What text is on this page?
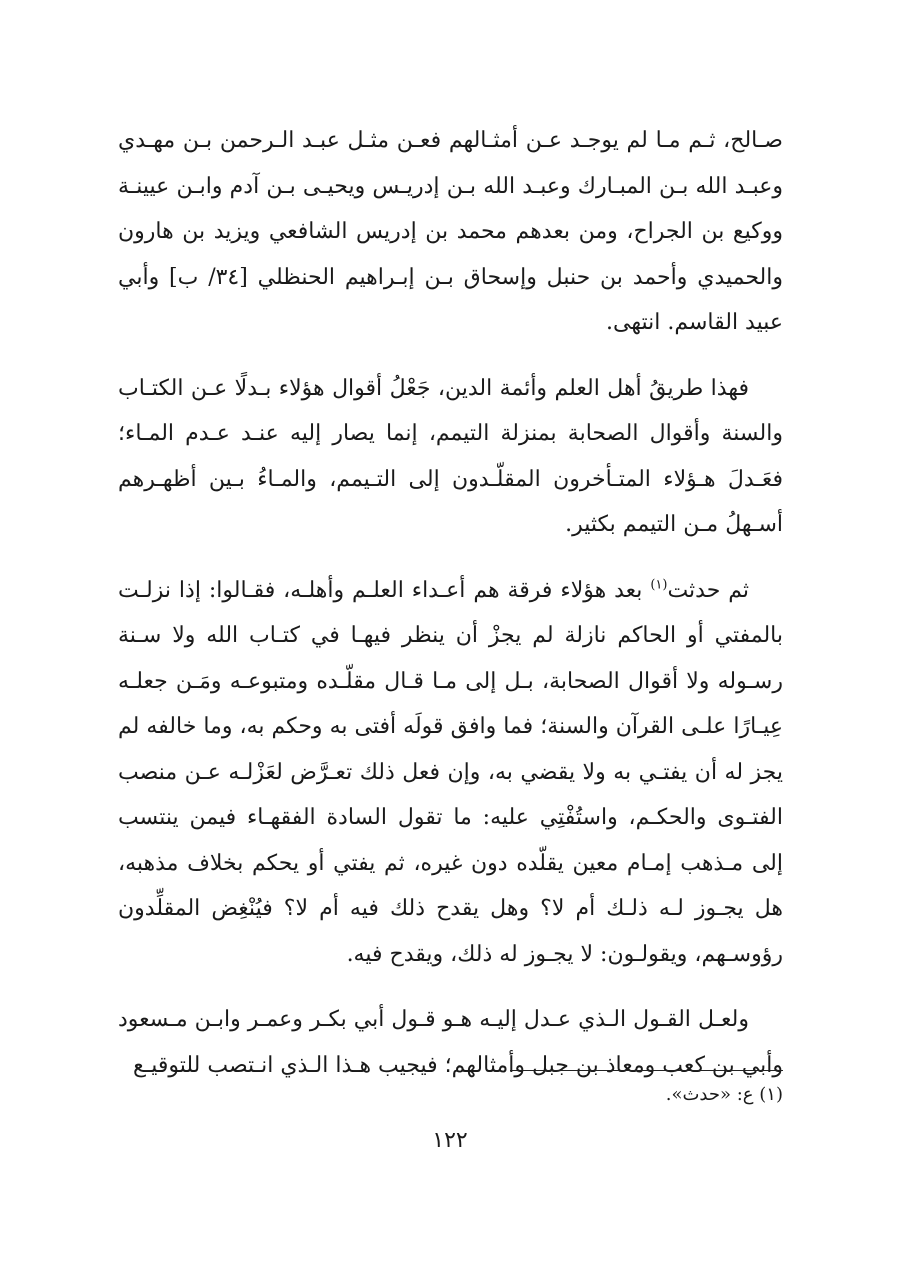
صـالح، ثـم مـا لم يوجـد عـن أمثـالهم فعـن مثـل عبـد الـرحمن بـن مهـدي وعبـد الله بـن المبـارك وعبـد الله بـن إدريـس ويحيـى بـن آدم وابـن عيينـة ووكيع بن الجراح، ومن بعدهم محمد بن إدريس الشافعي ويزيد بن هارون والحميدي وأحمد بن حنبل وإسحاق بـن إبـراهيم الحنظلي [٣٤/ ب] وأبي عبيد القاسم. انتهى.

فهذا طريقُ أهل العلم وأئمة الدين، جَعْلُ أقوال هؤلاء بـدلًا عـن الكتـاب والسنة وأقوال الصحابة بمنزلة التيمم، إنما يصار إليه عنـد عـدم المـاء؛ فعَـدلَ هـؤلاء المتـأخرون المقلّـدون إلى التـيمم، والمـاءُ بـين أظهـرهم أسـهلُ مـن التيمم بكثير.

ثم حدثت$^{(١)}$ بعد هؤلاء فرقة هم أعـداء العلـم وأهلـه، فقـالوا: إذا نزلـت بالمفتي أو الحاكم نازلة لم يجزْ أن ينظر فيهـا في كتـاب الله ولا سـنة رسـوله ولا أقوال الصحابة، بـل إلى مـا قـال مقلّـده ومتبوعـه ومَـن جعلـه عِيـارًا علـى القرآن والسنة؛ فما وافق قولَه أفتى به وحكم به، وما خالفه لم يجز له أن يفتـي به ولا يقضي به، وإن فعل ذلك تعـرَّض لعَزْلـه عـن منصب الفتـوى والحكـم، واستُفْتِي عليه: ما تقول السادة الفقهـاء فيمن ينتسب إلى مـذهب إمـام معين يقلّده دون غيره، ثم يفتي أو يحكم بخلاف مذهبه، هل يجـوز لـه ذلـك أم لا؟ وهل يقدح ذلك فيه أم لا؟ فيُنْغِض المقلِّدون رؤوسـهم، ويقولـون: لا يجـوز له ذلك، ويقدح فيه.

ولعـل القـول الـذي عـدل إليـه هـو قـول أبي بكـر وعمـر وابـن مـسعود وأبي بن كعب ومعاذ بن جبل وأمثالهم؛ فيجيب هـذا الـذي انـتصب للتوقيـع

(١) ع: «حدث».
١٢٢
